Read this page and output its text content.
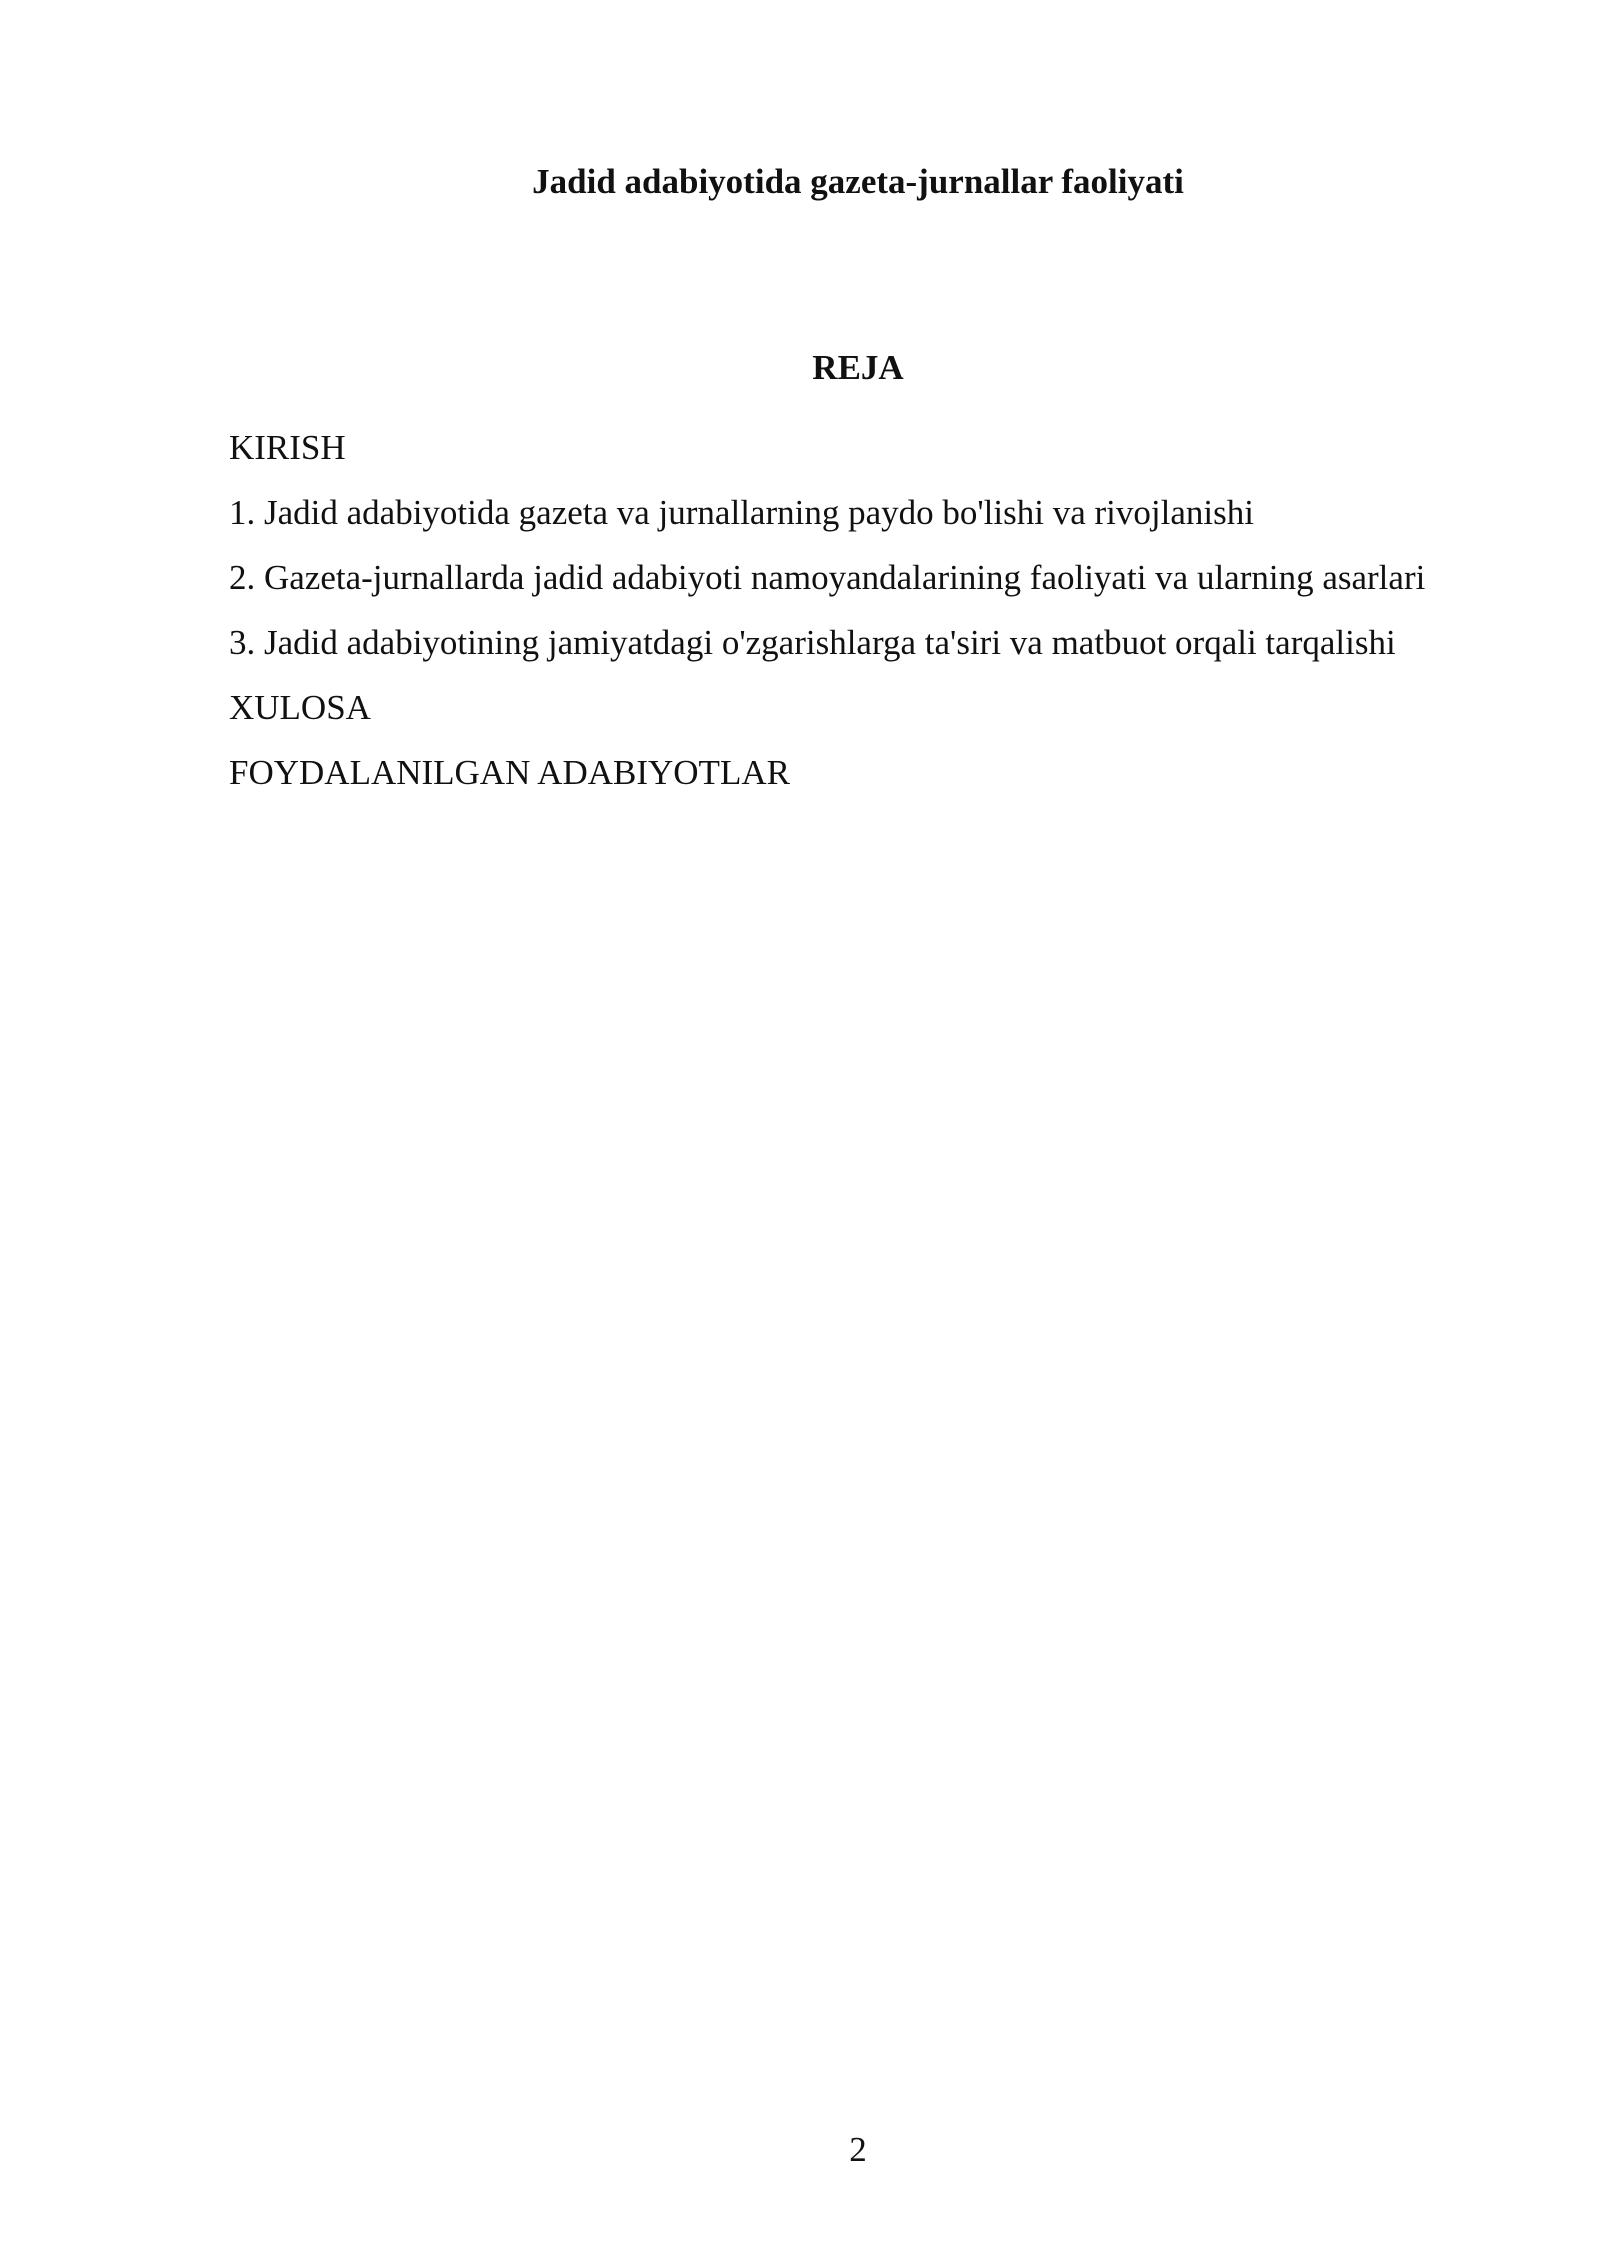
Jadid adabiyotida gazeta-jurnallar faoliyati
REJA
KIRISH
1. Jadid adabiyotida gazeta va jurnallarning paydo bo'lishi va rivojlanishi
2. Gazeta-jurnallarda jadid adabiyoti namoyandalarining faoliyati va ularning asarlari
3. Jadid adabiyotining jamiyatdagi o'zgarishlarga ta'siri va matbuot orqali tarqalishi
XULOSA
FOYDALANILGAN ADABIYOTLAR
2
